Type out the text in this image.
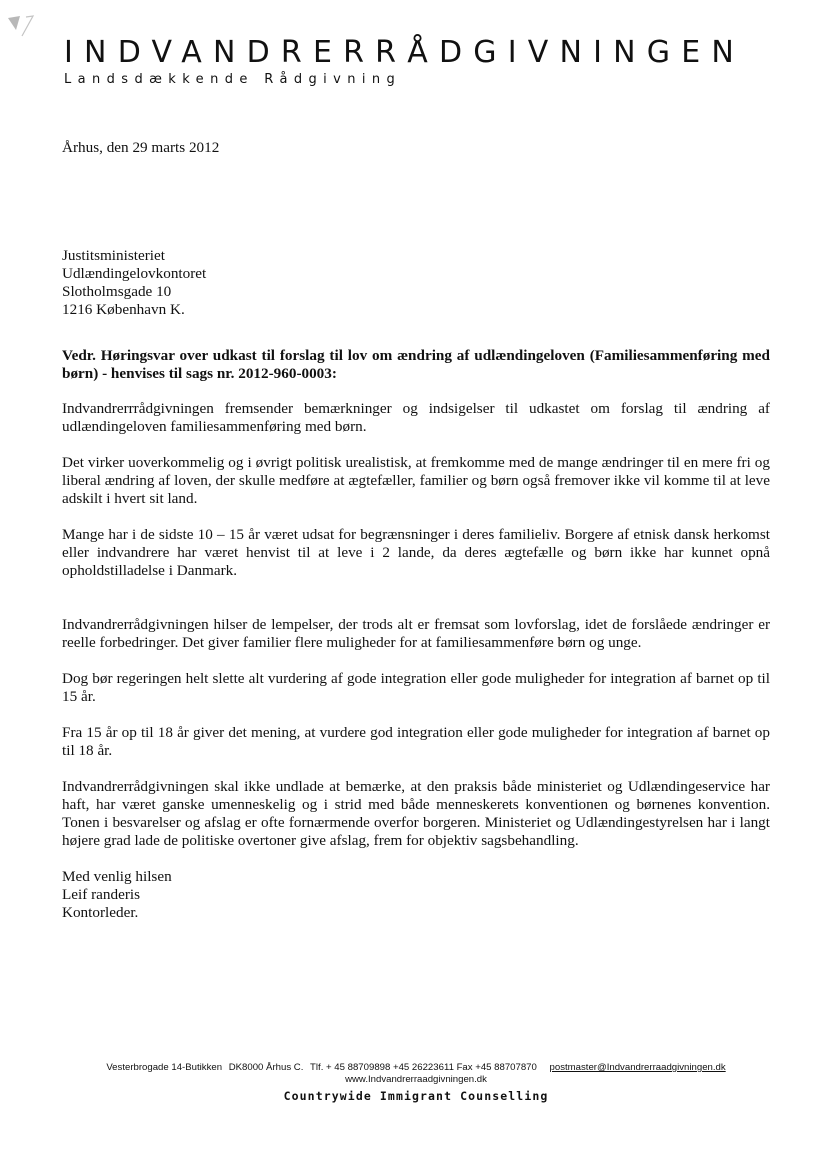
INDVANDRERRÅDGIVNINGEN
Landsdækkende Rådgivning
Århus, den 29 marts 2012
Justitsministeriet
Udlændingelovkontoret
Slotholmsgade 10
1216 København K.
Vedr. Høringsvar over udkast til forslag til lov om ændring af udlændingeloven (Familiesammenføring med børn) - henvises til sags nr. 2012-960-0003:

Indvandrerrrådgivningen fremsender bemærkninger og indsigelser til udkastet om forslag til ændring af udlændingeloven familiesammenføring med børn.

Det virker uoverkommelig og i øvrigt politisk urealistisk, at fremkomme med de mange ændringer til en mere fri og liberal ændring af loven, der skulle medføre at ægtefæller, familier og børn også fremover ikke vil komme til at leve adskilt i hvert sit land.

Mange har i de sidste 10 – 15 år været udsat for begrænsninger i deres familieliv. Borgere af etnisk dansk herkomst eller indvandrere har været henvist til at leve i 2 lande, da deres ægtefælle og børn ikke har kunnet opnå opholdstilladelse i Danmark.

Indvandrerrådgivningen hilser de lempelser, der trods alt er fremsat som lovforslag, idet de forslåede ændringer er reelle forbedringer. Det giver familier flere muligheder for at familiesammenføre børn og unge.

Dog bør regeringen helt slette alt vurdering af gode integration eller gode muligheder for integration af barnet op til 15 år.

Fra 15 år op til 18 år giver det mening, at vurdere god integration eller gode muligheder for integration af barnet op til 18 år.

Indvandrerrådgivningen skal ikke undlade at bemærke, at den praksis både ministeriet og Udlændingeservice har haft, har været ganske umenneskelig og i strid med både menneskerets konventionen og børnenes konvention. Tonen i besvarelser og afslag er ofte fornærmende overfor borgeren. Ministeriet og Udlændingestyrelsen har i langt højere grad lade de politiske overtoner give afslag, frem for objektiv sagsbehandling.

Med venlig hilsen
Leif randeris
Kontorleder.
Vesterbrogade 14-Butikken DK8000 Århus C. Tlf. + 45 88709898 +45 26223611 Fax +45 88707870 postmaster@Indvandrerraadgivningen.dk
www.Indvandrerraadgivningen.dk
Countrywide Immigrant Counselling
